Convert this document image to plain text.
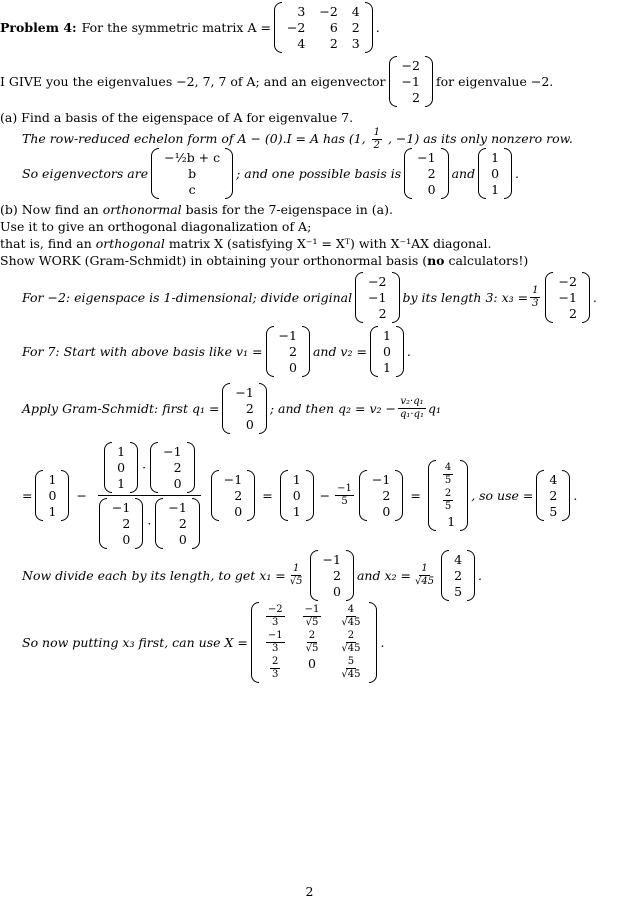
Problem 4: For the symmetric matrix A =
3 −2 4
−2	6 2
4	2 3
.
I GIVE you the eigenvalues −2, 7, 7 of A; and an eigenvector
−2
−1
2
for eigenvalue −2.
(a) Find a basis of the eigenspace of A for eigenvalue 7.
The row-reduced echelon form of A − (0).I = A has (1, $\frac{1}{2}$ , −1) as its only nonzero row.
So eigenvectors are
−½b + c
b
c
; and one possible basis is
−1
2
0
and
1
0
1
.
(b) Now find an orthonormal basis for the 7-eigenspace in (a).
Use it to give an orthogonal diagonalization of A;
that is, find an orthogonal matrix X (satisfying X⁻¹ = Xᵀ) with X⁻¹AX diagonal.
Show WORK (Gram-Schmidt) in obtaining your orthonormal basis (no calculators!)
For −2: eigenspace is 1-dimensional; divide original
−2
−1
2
by its length 3: $x_3 = \frac{1}{3}$
−2
−1
2
.
For 7: Start with above basis like v₁ =
−1
2
0
and v₂ =
1
0
1
.
Apply Gram-Schmidt: first q₁ =
−1
2
0
; and then $q_2 = v_2 - \frac{\text{v₂·q₁}}{\text{q₁·q₁}} q_1$
=
1
0
1
− 1
0
1
·
−1
2
0
−1
2
0
·
−1
2
0 −1
2
0
=
1
0
1
− $\frac{-1}{5}$
−1
2
0
=
$\frac{4}{5}$
$\frac{2}{5}$
1
, so use =
4
2
5
.
Now divide each by its length, to get $x_1 = \frac{1}{√5}$
−1
2
0
and $x_2 = \frac{1}{√45}$
4
2
5
.
So now putting x₃ first, can use X =
$\frac{-2}{3} \frac{-1}{√5} \frac{4}{√45}$
$\frac{-1}{3} \frac{2}{√5} \frac{2}{√45}$
$\frac{2}{3}$	0	$\frac{5}{√45}$
.
2
